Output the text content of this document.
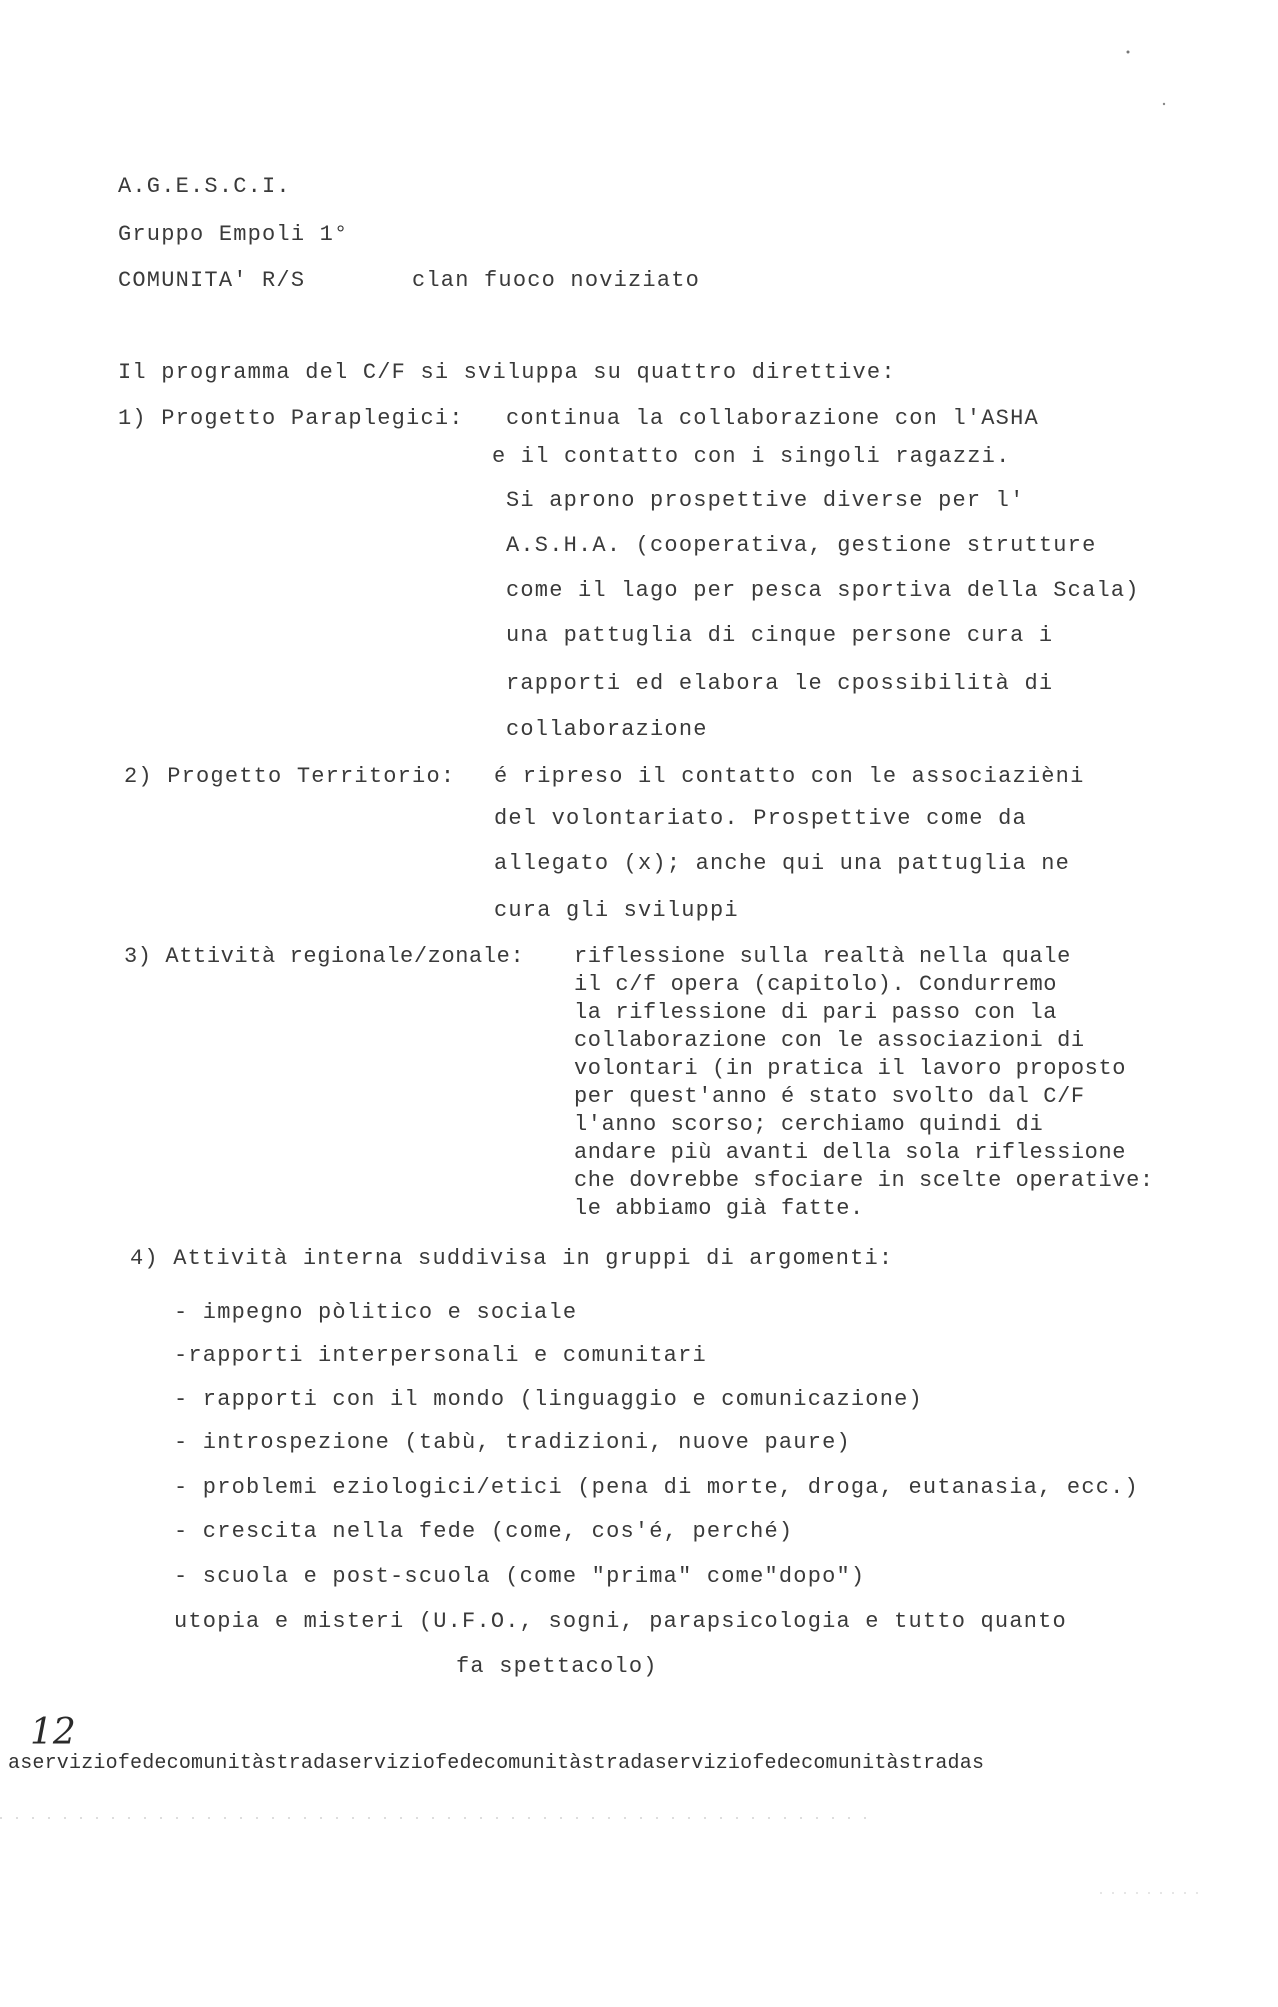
A.G.E.S.C.I.
Gruppo Empoli 1°
COMUNITA' R/S	clan fuoco noviziato
Il programma del C/F si sviluppa su quattro direttive:
1) Progetto Paraplegici: continua la collaborazione con l'ASHA
e il contatto con i singoli ragazzi.
Si aprono prospettive diverse per l'
A.S.H.A. (cooperativa, gestione strutture
come il lago per pesca sportiva della Scala)
una pattuglia di cinque persone cura i
rapporti ed elabora le cpossibilità di
collaborazione
2) Progetto Territorio: é ripreso il contatto con le associazièni
del volontariato. Prospettive come da
allegato (x); anche qui una pattuglia ne
cura gli sviluppi
3) Attività regionale/zonale: riflessione sulla realtà nella quale
il c/f opera (capitolo). Condurremo
la riflessione di pari passo con la
collaborazione con le associazioni di
volontari (in pratica il lavoro proposto
per quest'anno é stato svolto dal C/F
l'anno scorso; cerchiamo quindi di
andare più avanti della sola riflessione
che dovrebbe sfociare in scelte operative:
le abbiamo già fatte.
4) Attività interna suddivisa in gruppi di argomenti:
- impegno pòlitico e sociale
-rapporti interpersonali e comunitari
- rapporti con il mondo (linguaggio e comunicazione)
- introspezione (tabù, tradizioni, nuove paure)
- problemi eziologici/etici (pena di morte, droga, eutanasia, ecc.)
- crescita nella fede (come, cos'é, perché)
- scuola e post-scuola (come "prima" come"dopo")
utopia e misteri (U.F.O., sogni, parapsicologia e tutto quanto
fa spettacolo)
12
aserviziofedecomunitàstradaserviziofedecomunitàstradaserviziofedecomunitàstradas
